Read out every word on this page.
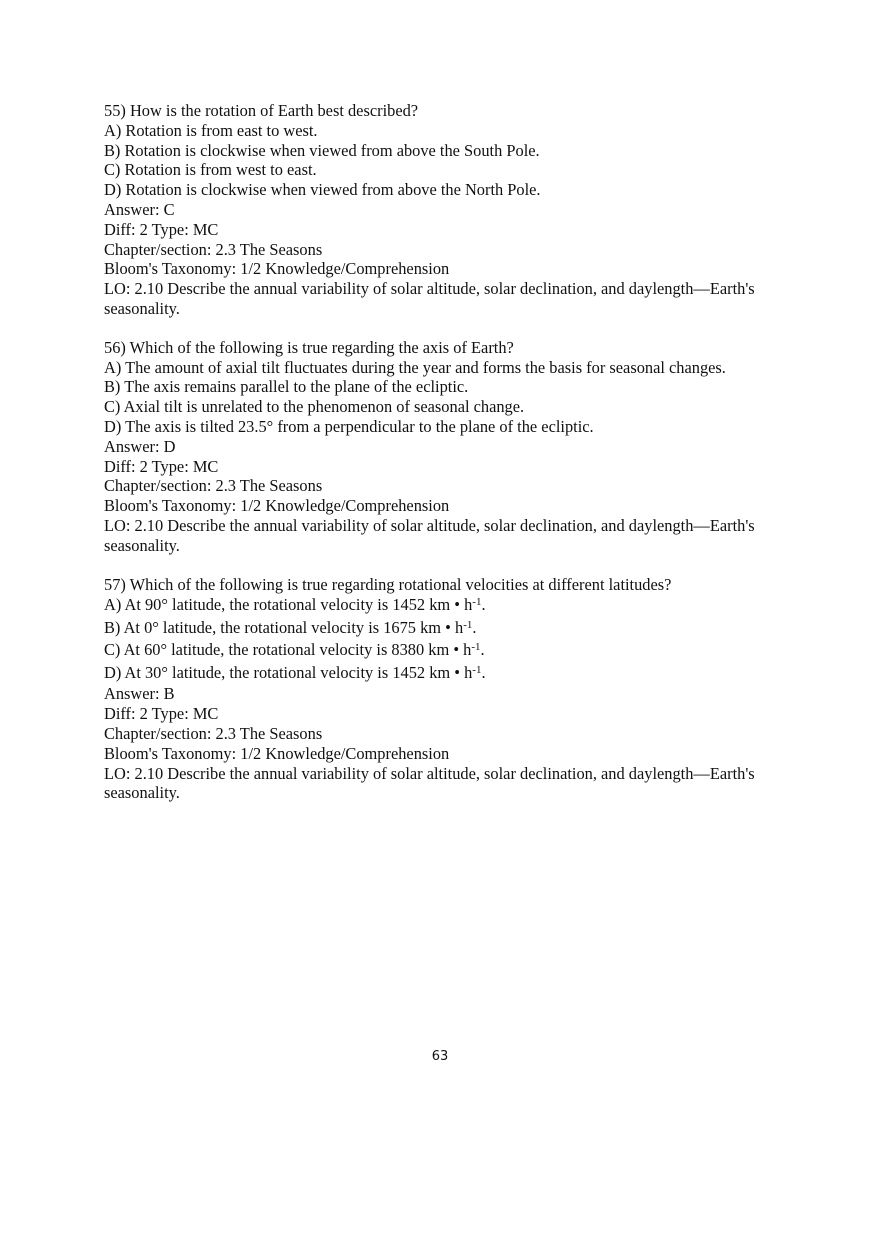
55) How is the rotation of Earth best described?
A) Rotation is from east to west.
B) Rotation is clockwise when viewed from above the South Pole.
C) Rotation is from west to east.
D) Rotation is clockwise when viewed from above the North Pole.
Answer: C
Diff: 2 Type: MC
Chapter/section: 2.3 The Seasons
Bloom's Taxonomy: 1/2 Knowledge/Comprehension
LO: 2.10 Describe the annual variability of solar altitude, solar declination, and daylength—Earth's seasonality.
56) Which of the following is true regarding the axis of Earth?
A) The amount of axial tilt fluctuates during the year and forms the basis for seasonal changes.
B) The axis remains parallel to the plane of the ecliptic.
C) Axial tilt is unrelated to the phenomenon of seasonal change.
D) The axis is tilted 23.5° from a perpendicular to the plane of the ecliptic.
Answer: D
Diff: 2 Type: MC
Chapter/section: 2.3 The Seasons
Bloom's Taxonomy: 1/2 Knowledge/Comprehension
LO: 2.10 Describe the annual variability of solar altitude, solar declination, and daylength—Earth's seasonality.
57) Which of the following is true regarding rotational velocities at different latitudes?
A) At 90° latitude, the rotational velocity is 1452 km • $h^{-1}$.
B) At 0° latitude, the rotational velocity is 1675 km • $h^{-1}$.
C) At 60° latitude, the rotational velocity is 8380 km • $h^{-1}$.
D) At 30° latitude, the rotational velocity is 1452 km • $h^{-1}$.
Answer: B
Diff: 2 Type: MC
Chapter/section: 2.3 The Seasons
Bloom's Taxonomy: 1/2 Knowledge/Comprehension
LO: 2.10 Describe the annual variability of solar altitude, solar declination, and daylength—Earth's seasonality.
63
